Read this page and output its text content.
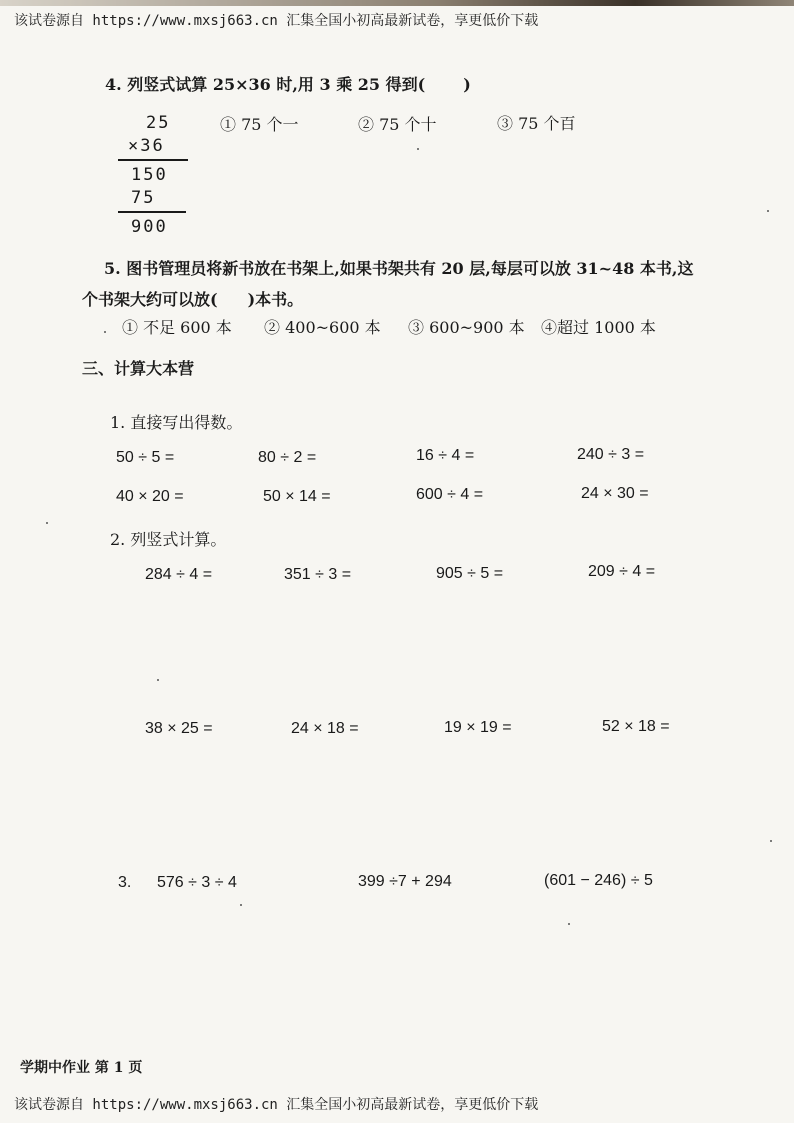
该试卷源自 https://www.mxsj663.cn 汇集全国小初高最新试卷，享更低价下载
4. 列竖式试算 25×36 时,用 3 乘 25 得到( )
25
×36
150
75
900
① 75 个一	② 75 个十	③ 75 个百
5. 图书管理员将新书放在书架上,如果书架共有 20 层,每层可以放 31~48 本书,这
个书架大约可以放( )本书。
① 不足 600 本 ② 400~600 本 ③ 600~900 本 ④超过 1000 本
三、计算大本营
1. 直接写出得数。
50 ÷ 5 =	80 ÷ 2 =	16 ÷ 4 =	240 ÷ 3 =
40 × 20 =	50 × 14 =	600 ÷ 4 =	24 × 30 =
2. 列竖式计算。
284 ÷ 4 =	351 ÷ 3 =	905 ÷ 5 =	209 ÷ 4 =
38 × 25 =	24 × 18 =	19 × 19 =	52 × 18 =
3. 576 ÷ 3 ÷ 4	399 ÷7 + 294	(601 − 246) ÷ 5
学期中作业 第 1 页
该试卷源自 https://www.mxsj663.cn 汇集全国小初高最新试卷，享更低价下载
